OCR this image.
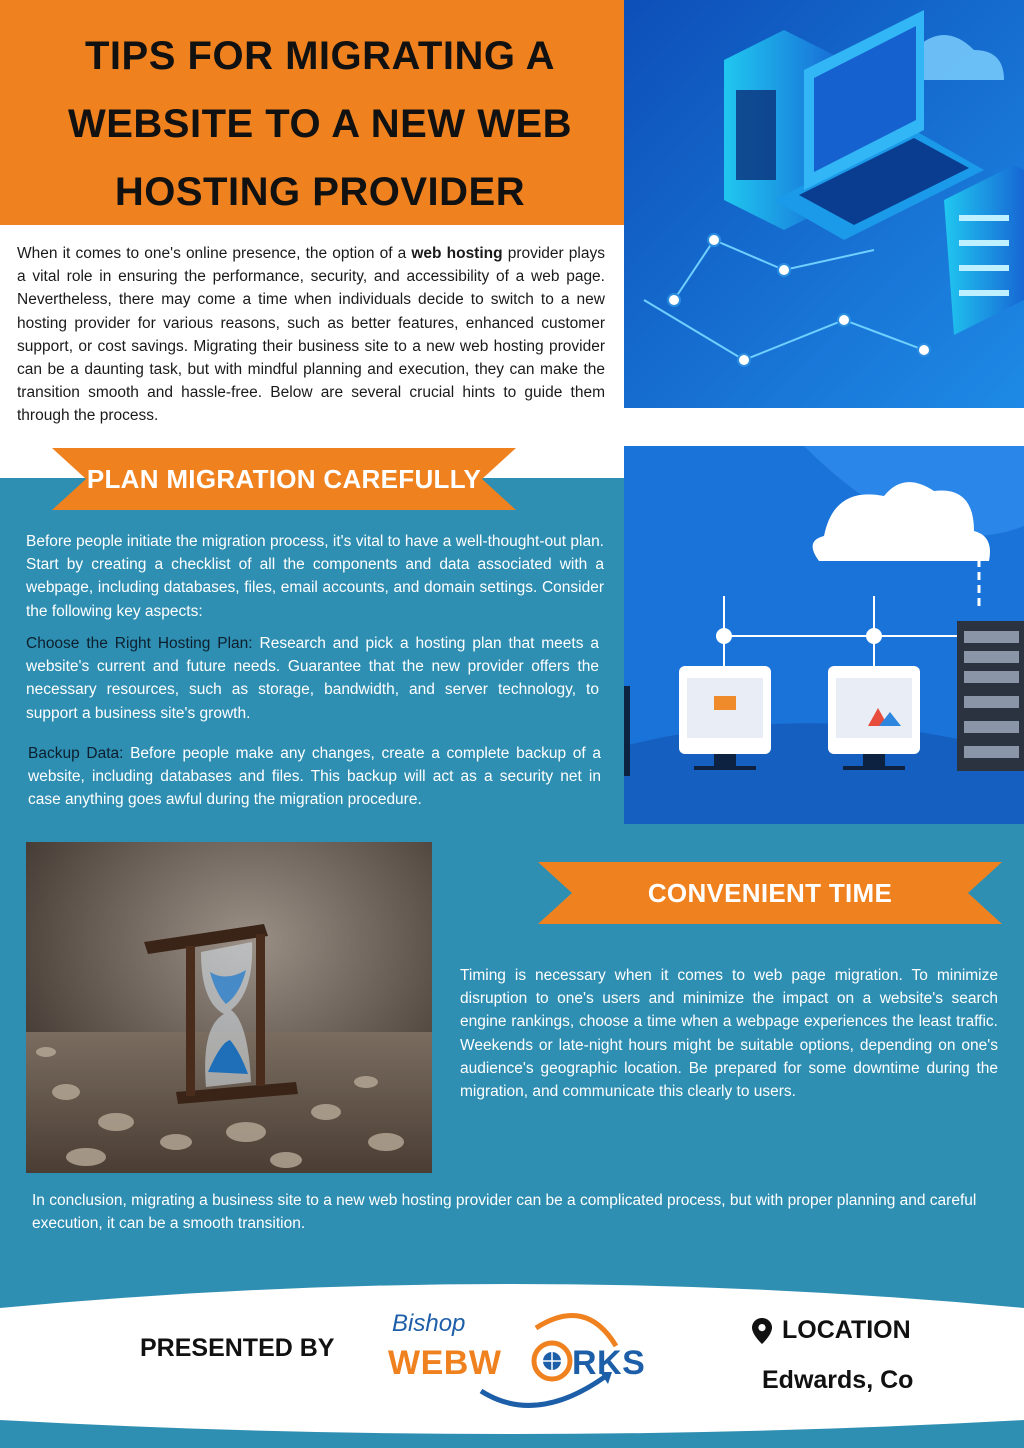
TIPS FOR MIGRATING A
WEBSITE TO A NEW WEB
HOSTING PROVIDER

When it comes to one's online presence, the option of a web hosting provider plays a vital role in ensuring the performance, security, and accessibility of a web page. Nevertheless, there may come a time when individuals decide to switch to a new hosting provider for various reasons, such as better features, enhanced customer support, or cost savings. Migrating their business site to a new web hosting provider can be a daunting task, but with mindful planning and execution, they can make the transition smooth and hassle-free. Below are several crucial hints to guide them through the process.

PLAN MIGRATION CAREFULLY

Before people initiate the migration process, it's vital to have a well-thought-out plan. Start by creating a checklist of all the components and data associated with a webpage, including databases, files, email accounts, and domain settings. Consider the following key aspects:

Choose the Right Hosting Plan: Research and pick a hosting plan that meets a website's current and future needs. Guarantee that the new provider offers the necessary resources, such as storage, bandwidth, and server technology, to support a business site's growth.

Backup Data: Before people make any changes, create a complete backup of a website, including databases and files. This backup will act as a security net in case anything goes awful during the migration procedure.

CONVENIENT TIME

Timing is necessary when it comes to web page migration. To minimize disruption to one's users and minimize the impact on a website's search engine rankings, choose a time when a webpage experiences the least traffic. Weekends or late-night hours might be suitable options, depending on one's audience's geographic location. Be prepared for some downtime during the migration, and communicate this clearly to users.

In conclusion, migrating a business site to a new web hosting provider can be a complicated process, but with proper planning and careful execution, it can be a smooth transition.

PRESENTED BY
Bishop
WEBW RKS
LOCATION
Edwards, Co
